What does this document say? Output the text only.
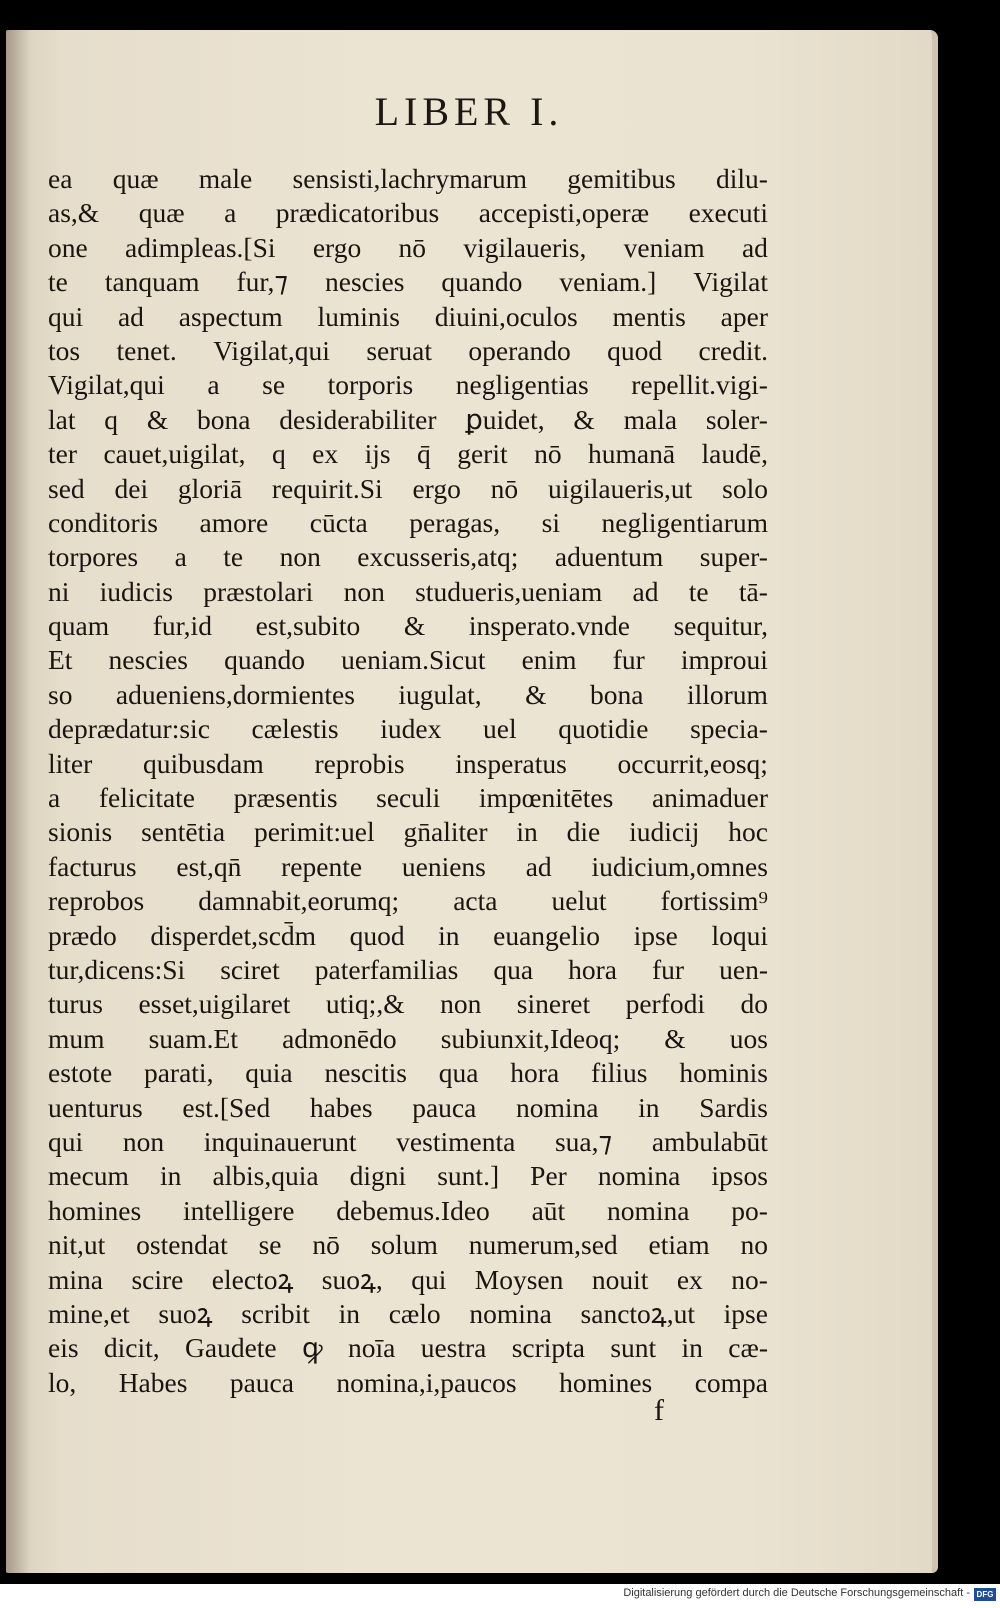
LIBER I.
ea quæ male sensisti,lachrymarum gemitibus dilu-
as,& quæ a prædicatoribus accepisti,operæ executi
one adimpleas.[Si ergo nō vigilaueris, veniam ad
te tanquam fur,⁊ nescies quando veniam.] Vigilat
qui ad aspectum luminis diuini,oculos mentis aper
tos tenet. Vigilat,qui seruat operando quod credit.
Vigilat,qui a se torporis negligentias repellit.vigi-
lat q & bona desiderabiliter ꝑuidet, & mala soler-
ter cauet,uigilat, q ex ijs q̄ gerit nō humanā laudē,
sed dei gloriā requirit.Si ergo nō uigilaueris,ut solo
conditoris amore cūcta peragas, si negligentiarum
torpores a te non excusseris,atq; aduentum super-
ni iudicis præstolari non studueris,ueniam ad te tā-
quam fur,id est,subito & insperato.vnde sequitur,
Et nescies quando ueniam.Sicut enim fur improui
so adueniens,dormientes iugulat, & bona illorum
deprædatur:sic cælestis iudex uel quotidie specia-
liter quibusdam reprobis insperatus occurrit,eosq;
a felicitate præsentis seculi impœnitētes animaduer
sionis sentētia perimit:uel gn̄aliter in die iudicij hoc
facturus est,qn̄ repente ueniens ad iudicium,omnes
reprobos damnabit,eorumq; acta uelut fortissim⁹
prædo disperdet,scd̄m quod in euangelio ipse loqui
tur,dicens:Si sciret paterfamilias qua hora fur uen-
turus esset,uigilaret utiq;,& non sineret perfodi do
mum suam.Et admonēdo subiunxit,Ideoq; & uos
estote parati, quia nescitis qua hora filius hominis
uenturus est.[Sed habes pauca nomina in Sardis
qui non inquinauerunt vestimenta sua,⁊ ambulabūt
mecum in albis,quia digni sunt.] Per nomina ipsos
homines intelligere debemus.Ideo aūt nomina po-
nit,ut ostendat se nō solum numerum,sed etiam no
mina scire electoꝝ suoꝝ, qui Moysen nouit ex no-
mine,et suoꝝ scribit in cælo nomina sanctoꝝ,ut ipse
eis dicit, Gaudete ꝙ noīa uestra scripta sunt in cæ-
lo, Habes pauca nomina,i,paucos homines compa
f
Digitalisierung gefördert durch die Deutsche Forschungsgemeinschaft - DFG
